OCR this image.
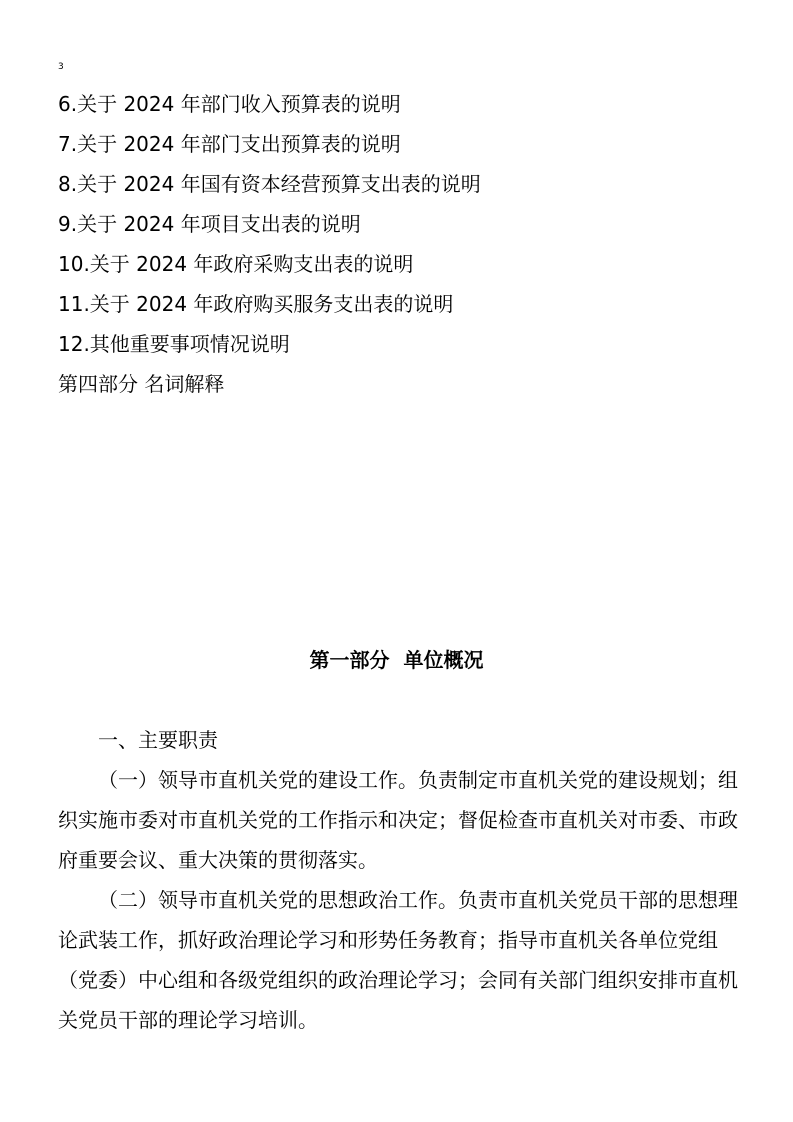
3
6.关于 2024 年部门收入预算表的说明
7.关于 2024 年部门支出预算表的说明
8.关于 2024 年国有资本经营预算支出表的说明
9.关于 2024 年项目支出表的说明
10.关于 2024 年政府采购支出表的说明
11.关于 2024 年政府购买服务支出表的说明
12.其他重要事项情况说明
第四部分 名词解释
第一部分  单位概况
一、主要职责

（一）领导市直机关党的建设工作。负责制定市直机关党的建设规划；组织实施市委对市直机关党的工作指示和决定；督促检查市直机关对市委、市政府重要会议、重大决策的贯彻落实。

（二）领导市直机关党的思想政治工作。负责市直机关党员干部的思想理论武装工作，抓好政治理论学习和形势任务教育；指导市直机关各单位党组（党委）中心组和各级党组织的政治理论学习；会同有关部门组织安排市直机关党员干部的理论学习培训。
